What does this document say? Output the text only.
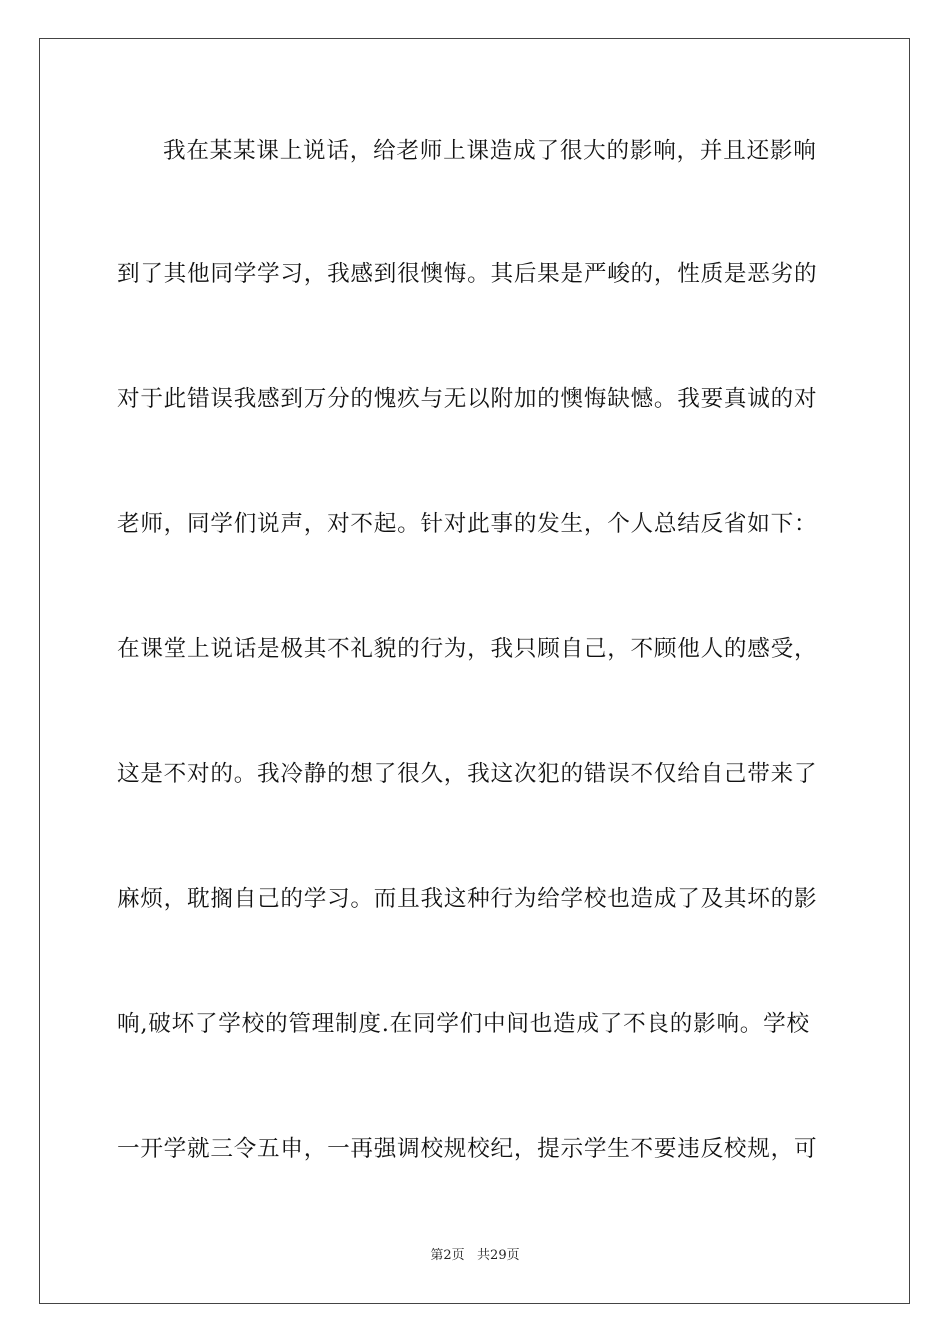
我在某某课上说话，给老师上课造成了很大的影响，并且还影响
到了其他同学学习，我感到很懊悔。其后果是严峻的，性质是恶劣的
对于此错误我感到万分的愧疚与无以附加的懊悔缺憾。我要真诚的对
老师，同学们说声，对不起。针对此事的发生，个人总结反省如下：
在课堂上说话是极其不礼貌的行为，我只顾自己，不顾他人的感受，
这是不对的。我冷静的想了很久，我这次犯的错误不仅给自己带来了
麻烦，耽搁自己的学习。而且我这种行为给学校也造成了及其坏的影
响,破坏了学校的管理制度.在同学们中间也造成了不良的影响。学校
一开学就三令五申，一再强调校规校纪，提示学生不要违反校规，可
第2页   共29页
